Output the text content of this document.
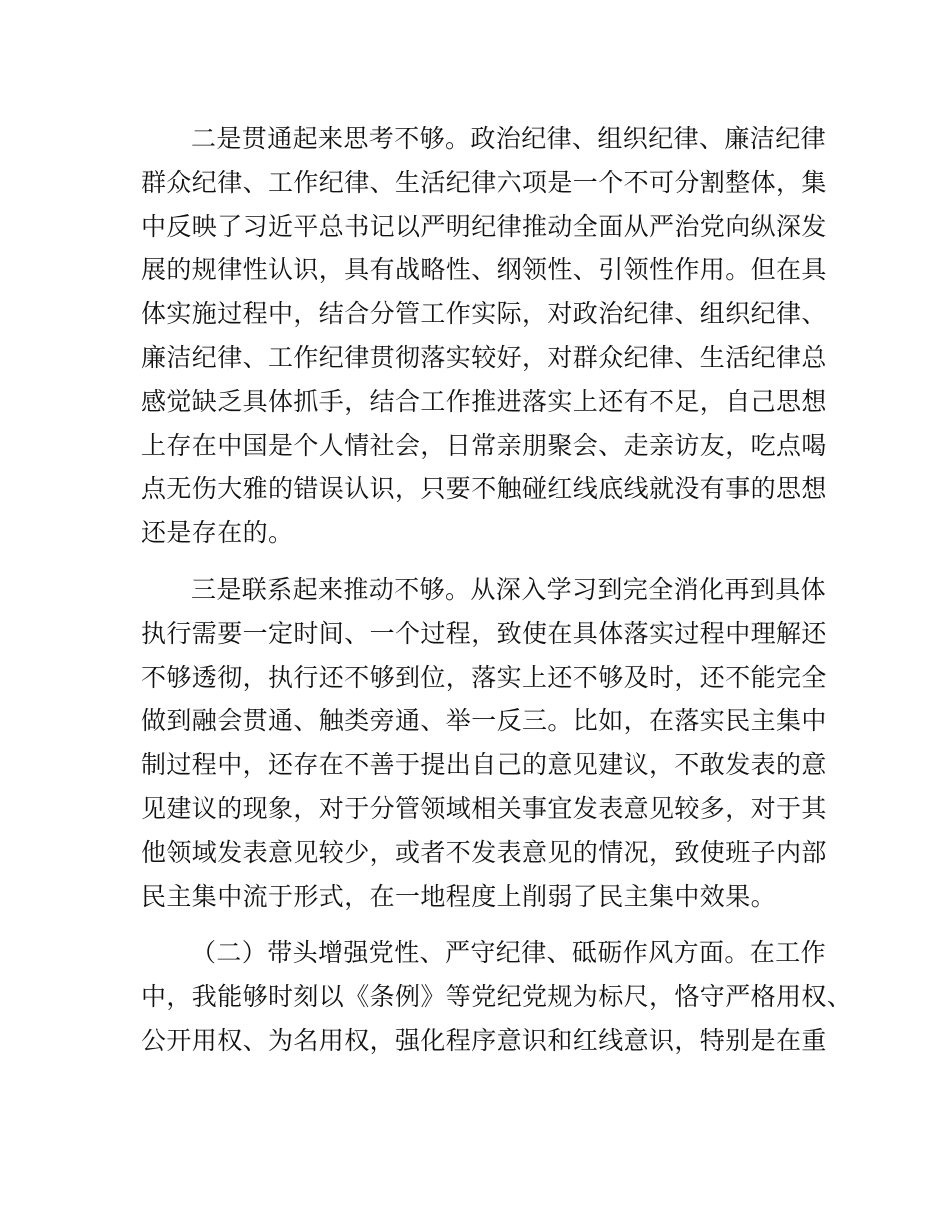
二是贯通起来思考不够。政治纪律、组织纪律、廉洁纪律
群众纪律、工作纪律、生活纪律六项是一个不可分割整体，集
中反映了习近平总书记以严明纪律推动全面从严治党向纵深发
展的规律性认识，具有战略性、纲领性、引领性作用。但在具
体实施过程中，结合分管工作实际，对政治纪律、组织纪律、
廉洁纪律、工作纪律贯彻落实较好，对群众纪律、生活纪律总
感觉缺乏具体抓手，结合工作推进落实上还有不足，自己思想
上存在中国是个人情社会，日常亲朋聚会、走亲访友，吃点喝
点无伤大雅的错误认识，只要不触碰红线底线就没有事的思想
还是存在的。

三是联系起来推动不够。从深入学习到完全消化再到具体
执行需要一定时间、一个过程，致使在具体落实过程中理解还
不够透彻，执行还不够到位，落实上还不够及时，还不能完全
做到融会贯通、触类旁通、举一反三。比如，在落实民主集中
制过程中，还存在不善于提出自己的意见建议，不敢发表的意
见建议的现象，对于分管领域相关事宜发表意见较多，对于其
他领域发表意见较少，或者不发表意见的情况，致使班子内部
民主集中流于形式，在一地程度上削弱了民主集中效果。

（二）带头增强党性、严守纪律、砥砺作风方面。在工作
中，我能够时刻以《条例》等党纪党规为标尺，恪守严格用权、
公开用权、为名用权，强化程序意识和红线意识，特别是在重
